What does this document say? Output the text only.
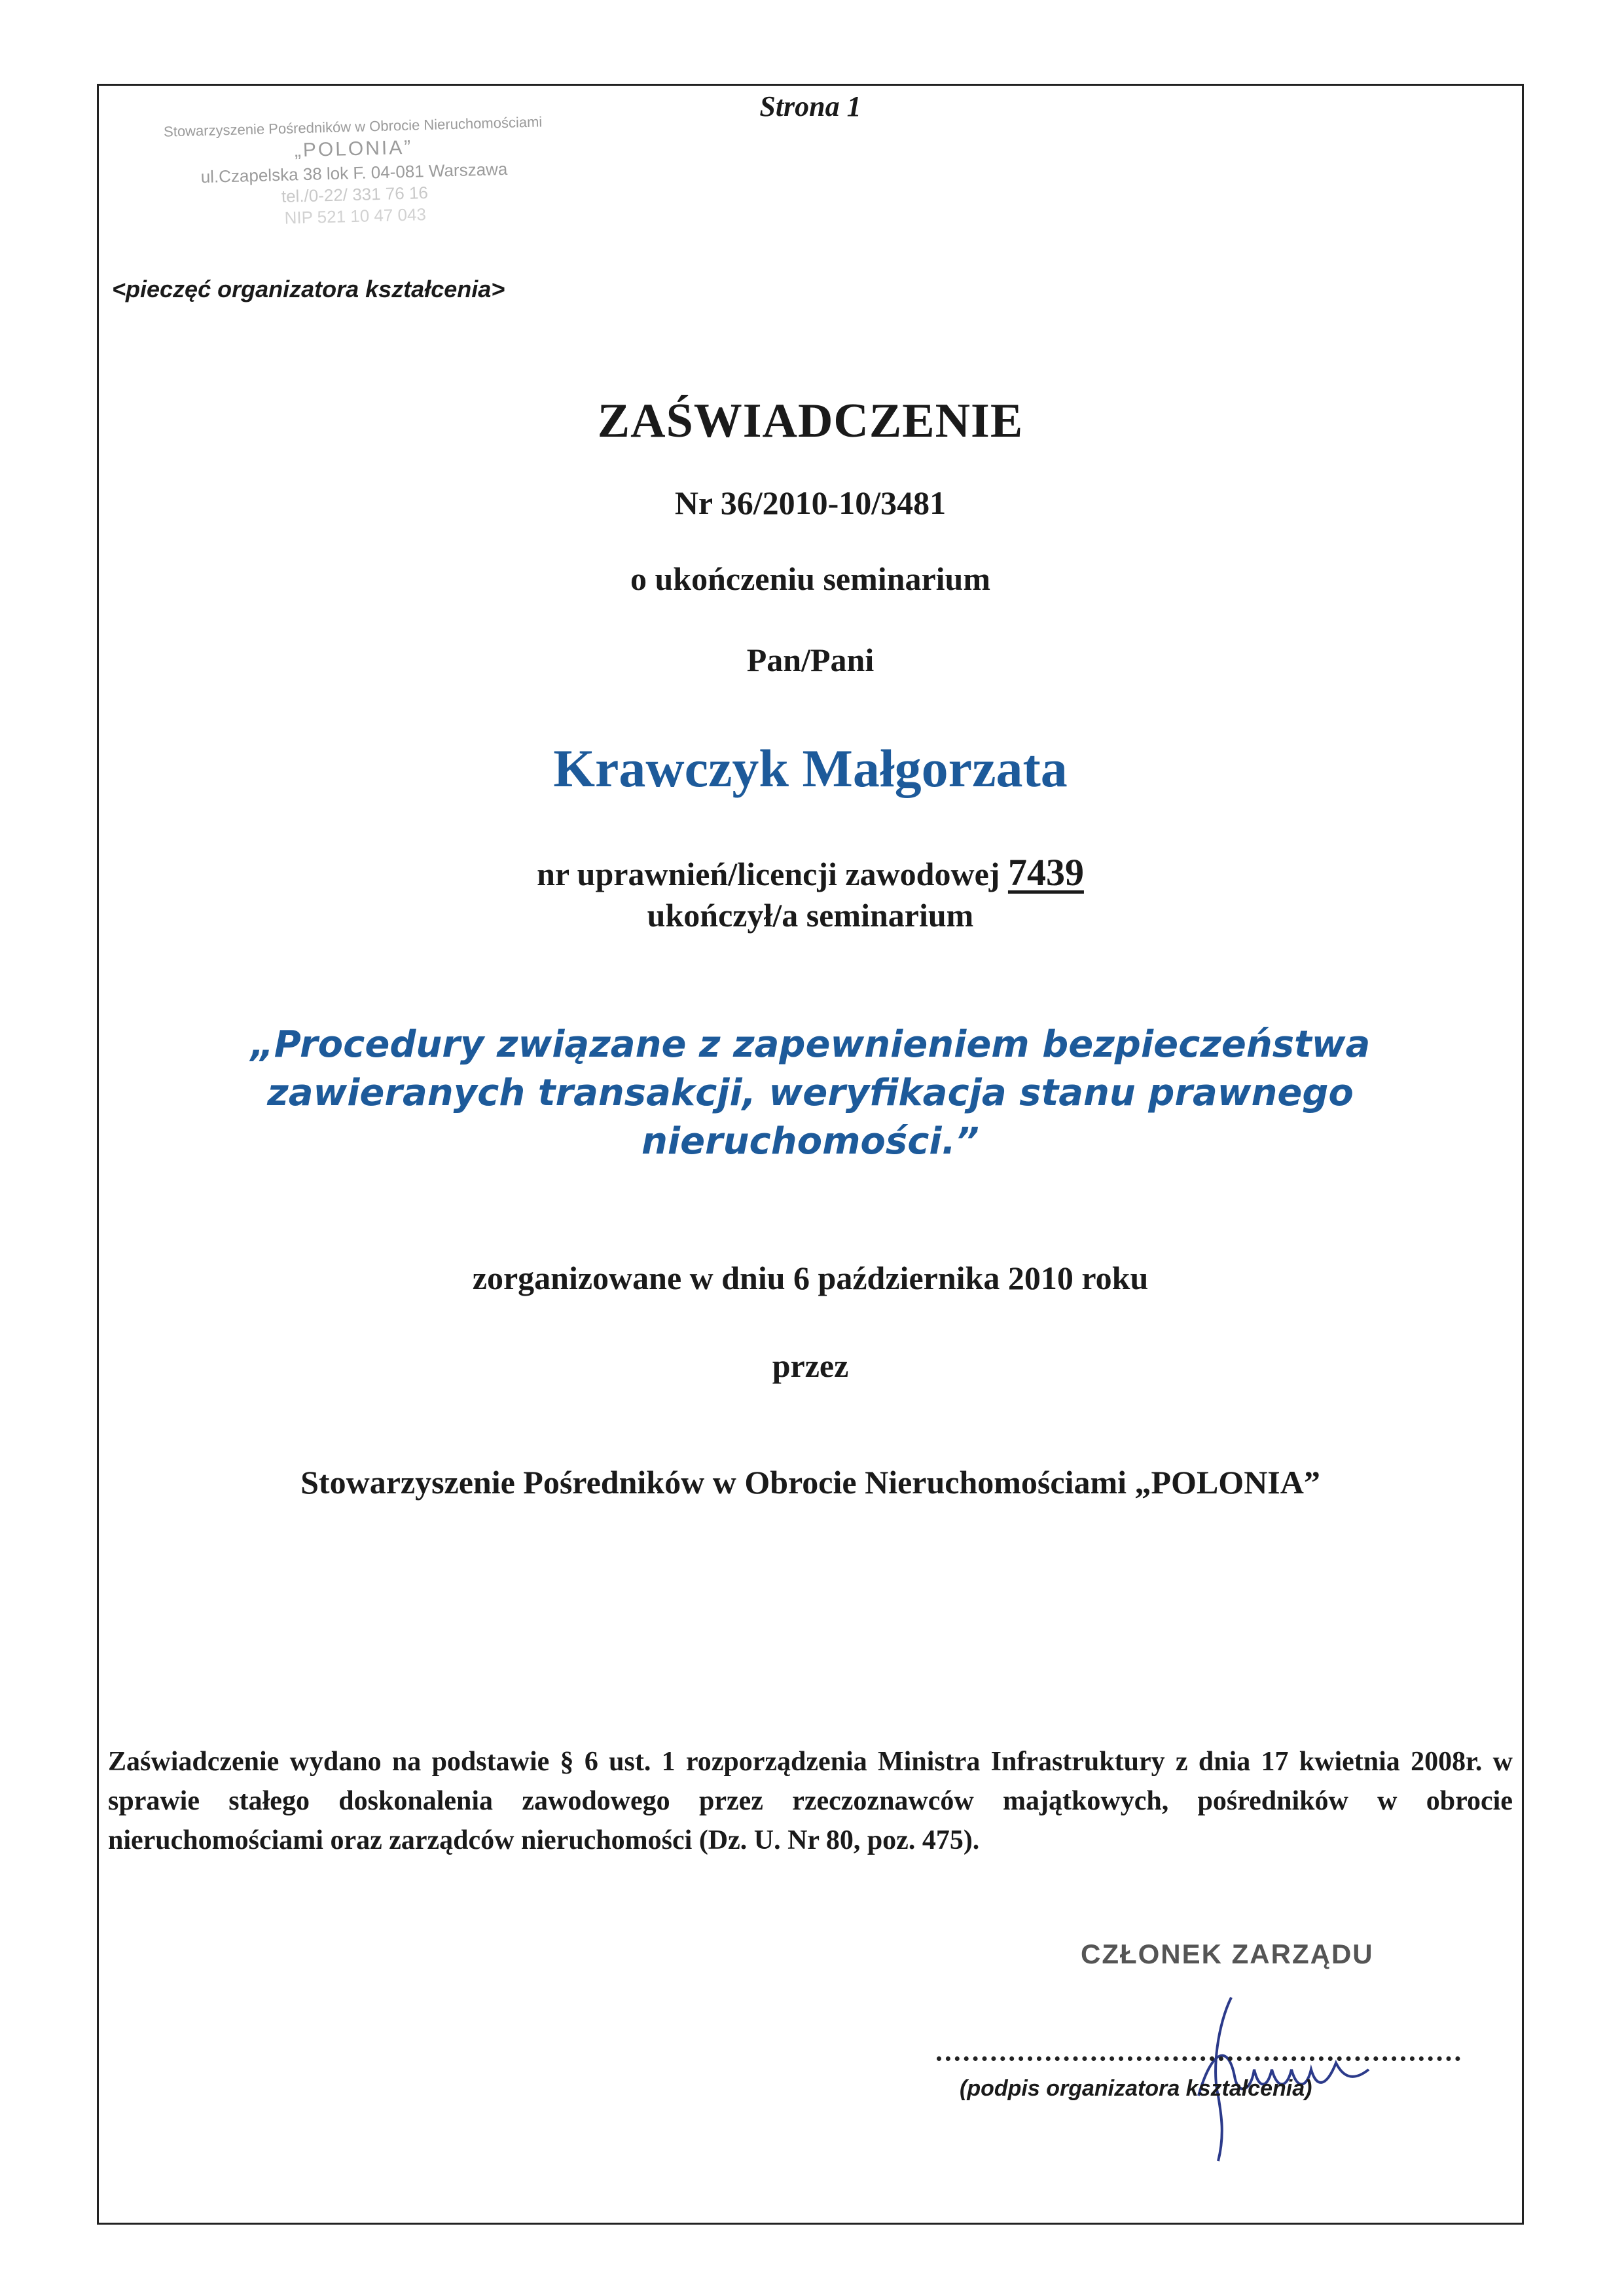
Strona 1
Stowarzyszenie Pośredników w Obrocie Nieruchomościami
„POLONIA”
ul.Czapelska 38 lok F. 04-081 Warszawa
tel./0-22/ 331 76 16
NIP 521 10 47 043
<pieczęć organizatora kształcenia>
ZAŚWIADCZENIE
Nr 36/2010-10/3481
o ukończeniu seminarium
Pan/Pani
Krawczyk Małgorzata
nr uprawnień/licencji zawodowej 7439
ukończył/a seminarium
„Procedury związane z zapewnieniem bezpieczeństwa zawieranych transakcji, weryfikacja stanu prawnego nieruchomości.”
zorganizowane w dniu 6 października 2010 roku
przez
Stowarzyszenie Pośredników w Obrocie Nieruchomościami „POLONIA”
Zaświadczenie wydano na podstawie § 6 ust. 1 rozporządzenia Ministra Infrastruktury z dnia 17 kwietnia 2008r. w sprawie stałego doskonalenia zawodowego przez rzeczoznawców majątkowych, pośredników w obrocie nieruchomościami oraz zarządców nieruchomości (Dz. U. Nr 80, poz. 475).
CZŁONEK ZARZĄDU
(podpis organizatora kształcenia)
